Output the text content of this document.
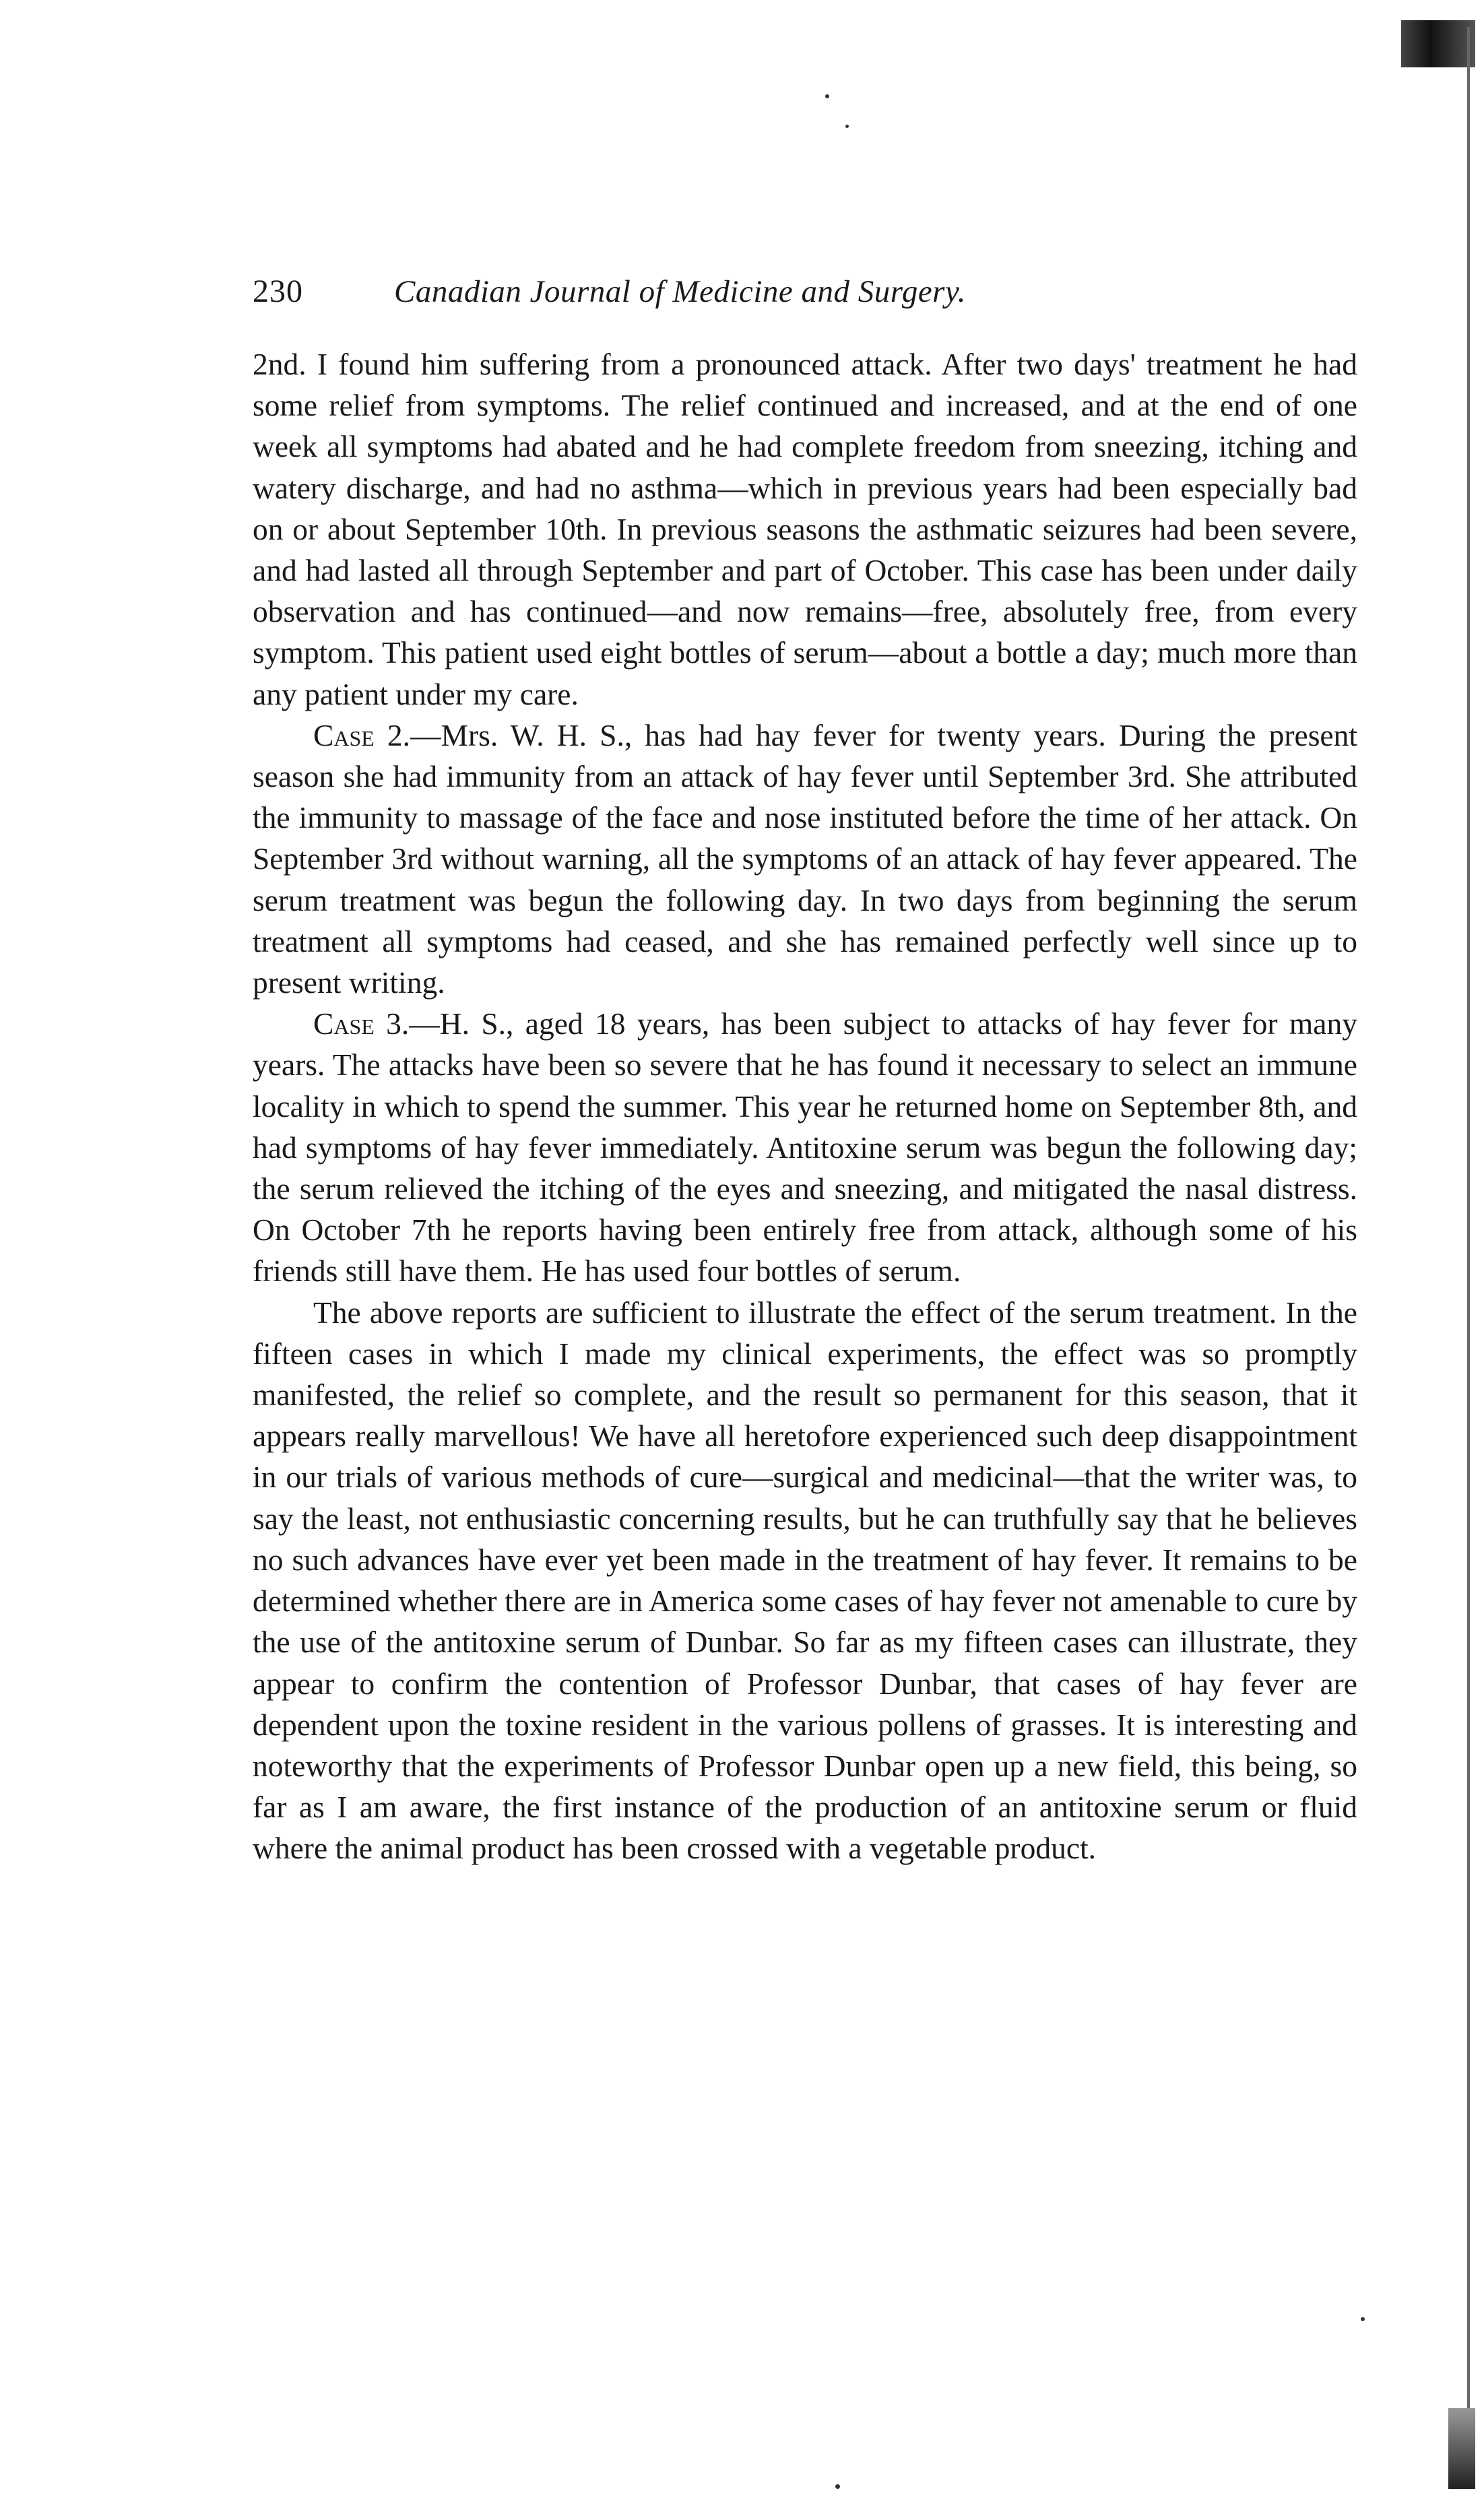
230	Canadian Journal of Medicine and Surgery.

2nd. I found him suffering from a pronounced attack. After two days' treatment he had some relief from symptoms. The relief continued and increased, and at the end of one week all symptoms had abated and he had complete freedom from sneezing, itching and watery discharge, and had no asthma—which in previous years had been especially bad on or about September 10th. In previous seasons the asthmatic seizures had been severe, and had lasted all through September and part of October. This case has been under daily observation and has continued—and now remains—free, absolutely free, from every symptom. This patient used eight bottles of serum—about a bottle a day; much more than any patient under my care.

Case 2.—Mrs. W. H. S., has had hay fever for twenty years. During the present season she had immunity from an attack of hay fever until September 3rd. She attributed the immunity to massage of the face and nose instituted before the time of her attack. On September 3rd without warning, all the symptoms of an attack of hay fever appeared. The serum treatment was begun the following day. In two days from beginning the serum treatment all symptoms had ceased, and she has remained perfectly well since up to present writing.

Case 3.—H. S., aged 18 years, has been subject to attacks of hay fever for many years. The attacks have been so severe that he has found it necessary to select an immune locality in which to spend the summer. This year he returned home on September 8th, and had symptoms of hay fever immediately. Antitoxine serum was begun the following day; the serum relieved the itching of the eyes and sneezing, and mitigated the nasal distress. On October 7th he reports having been entirely free from attack, although some of his friends still have them. He has used four bottles of serum.

The above reports are sufficient to illustrate the effect of the serum treatment. In the fifteen cases in which I made my clinical experiments, the effect was so promptly manifested, the relief so complete, and the result so permanent for this season, that it appears really marvellous! We have all heretofore experienced such deep disappointment in our trials of various methods of cure—surgical and medicinal—that the writer was, to say the least, not enthusiastic concerning results, but he can truthfully say that he believes no such advances have ever yet been made in the treatment of hay fever. It remains to be determined whether there are in America some cases of hay fever not amenable to cure by the use of the antitoxine serum of Dunbar. So far as my fifteen cases can illustrate, they appear to confirm the contention of Professor Dunbar, that cases of hay fever are dependent upon the toxine resident in the various pollens of grasses. It is interesting and noteworthy that the experiments of Professor Dunbar open up a new field, this being, so far as I am aware, the first instance of the production of an antitoxine serum or fluid where the animal product has been crossed with a vegetable product.
